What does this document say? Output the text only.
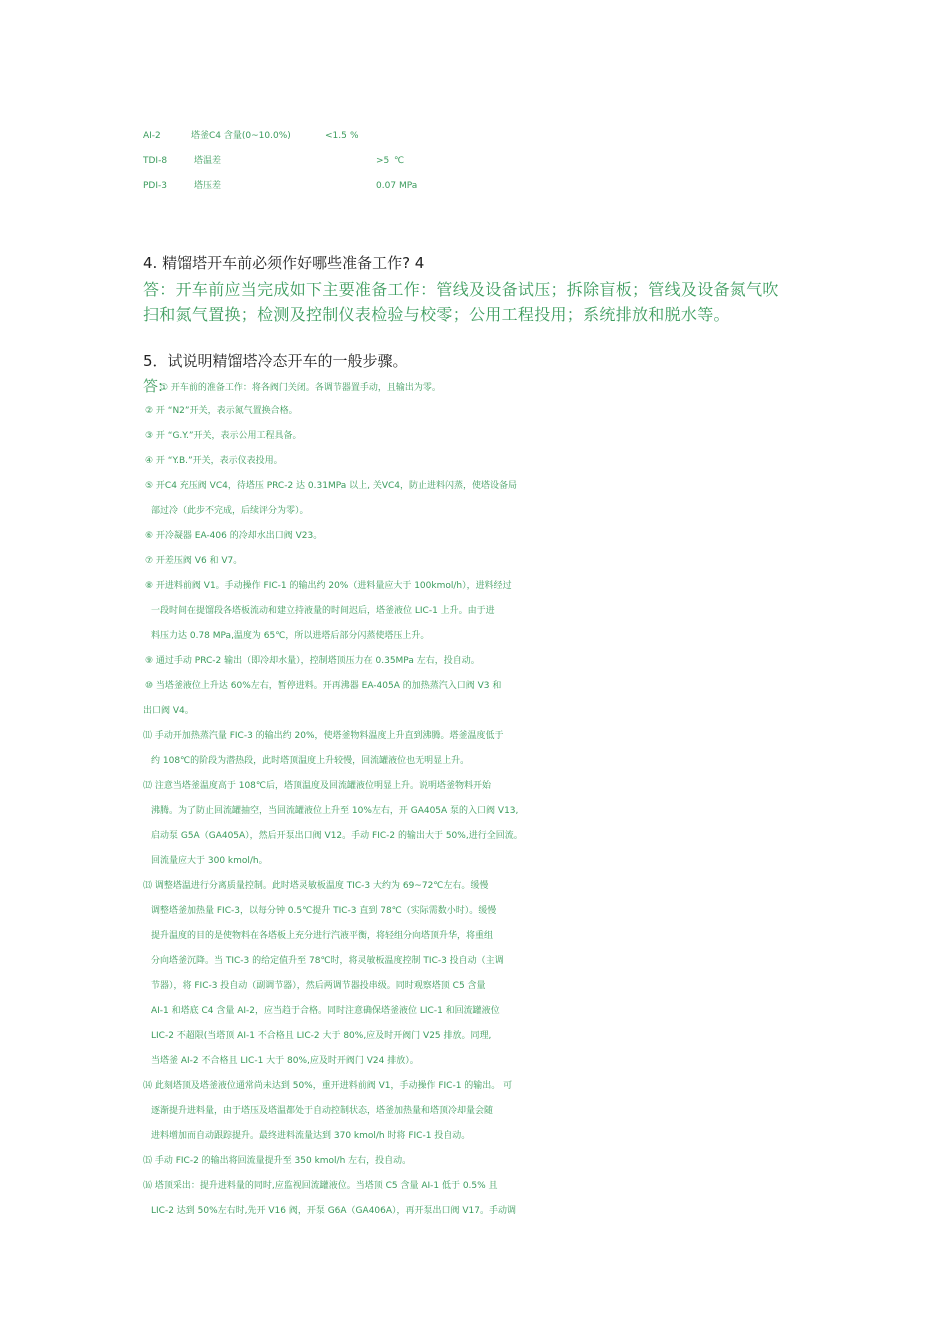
AI-2	塔釜C4 含量(0~10.0%)	<1.5 %
TDI-8	塔温差	>5 ℃
PDI-3	塔压差	0.07 MPa
4. 精馏塔开车前必须作好哪些准备工作? 4
答：开车前应当完成如下主要准备工作：管线及设备试压；拆除盲板；管线及设备氮气吹
扫和氮气置换；检测及控制仪表检验与校零；公用工程投用；系统排放和脱水等。
5．试说明精馏塔冷态开车的一般步骤。
答:
① 开车前的准备工作：将各阀门关闭。各调节器置手动，且输出为零。
② 开 “N2”开关，表示氮气置换合格。
③ 开 “G.Y.”开关，表示公用工程具备。
④ 开 “Y.B.”开关，表示仪表投用。
⑤ 开C4 充压阀 VC4，待塔压 PRC-2 达 0.31MPa 以上, 关VC4，防止进料闪蒸，使塔设备局
部过冷（此步不完成，后续评分为零）。
⑥ 开冷凝器 EA-406 的冷却水出口阀 V23。
⑦ 开差压阀 V6 和 V7。
⑧ 开进料前阀 V1。手动操作 FIC-1 的输出约 20%（进料量应大于 100kmol/h），进料经过
一段时间在提馏段各塔板流动和建立持液量的时间迟后，塔釜液位 LIC-1 上升。由于进
料压力达 0.78 MPa,温度为 65℃，所以进塔后部分闪蒸使塔压上升。
⑨ 通过手动 PRC-2 输出（即冷却水量），控制塔顶压力在 0.35MPa 左右，投自动。
⑩ 当塔釜液位上升达 60%左右，暂停进料。开再沸器 EA-405A 的加热蒸汽入口阀 V3 和
出口阀 V4。
⑾ 手动开加热蒸汽量 FIC-3 的输出约 20%，使塔釜物料温度上升直到沸腾。塔釜温度低于
约 108℃的阶段为潜热段，此时塔顶温度上升较慢，回流罐液位也无明显上升。
⑿ 注意当塔釜温度高于 108℃后，塔顶温度及回流罐液位明显上升。说明塔釜物料开始
沸腾。为了防止回流罐抽空，当回流罐液位上升至 10%左右，开 GA405A 泵的入口阀 V13,
启动泵 G5A（GA405A），然后开泵出口阀 V12。手动 FIC-2 的输出大于 50%,进行全回流。
回流量应大于 300 kmol/h。
⒀ 调整塔温进行分离质量控制。此时塔灵敏板温度 TIC-3 大约为 69~72℃左右。缓慢
调整塔釜加热量 FIC-3，以每分钟 0.5℃提升 TIC-3 直到 78℃（实际需数小时）。缓慢
提升温度的目的是使物料在各塔板上充分进行汽液平衡，将轻组分向塔顶升华，将重组
分向塔釜沉降。当 TIC-3 的给定值升至 78℃时，将灵敏板温度控制 TIC-3 投自动（主调
节器），将 FIC-3 投自动（副调节器），然后两调节器投串级。同时观察塔顶 C5 含量
AI-1 和塔底 C4 含量 AI-2，应当趋于合格。同时注意确保塔釜液位 LIC-1 和回流罐液位
LIC-2 不超限(当塔顶 AI-1 不合格且 LIC-2 大于 80%,应及时开阀门 V25 排放。同理,
当塔釜 AI-2 不合格且 LIC-1 大于 80%,应及时开阀门 V24 排放）。
⒁ 此刻塔顶及塔釜液位通常尚未达到 50%，重开进料前阀 V1，手动操作 FIC-1 的输出。 可
逐渐提升进料量，由于塔压及塔温都处于自动控制状态，塔釜加热量和塔顶冷却量会随
进料增加而自动跟踪提升。最终进料流量达到 370 kmol/h 时将 FIC-1 投自动。
⒂ 手动 FIC-2 的输出将回流量提升至 350 kmol/h 左右，投自动。
⒃ 塔顶采出：提升进料量的同时,应监视回流罐液位。当塔顶 C5 含量 AI-1 低于 0.5% 且
LIC-2 达到 50%左右时,先开 V16 阀，开泵 G6A（GA406A），再开泵出口阀 V17。手动调
